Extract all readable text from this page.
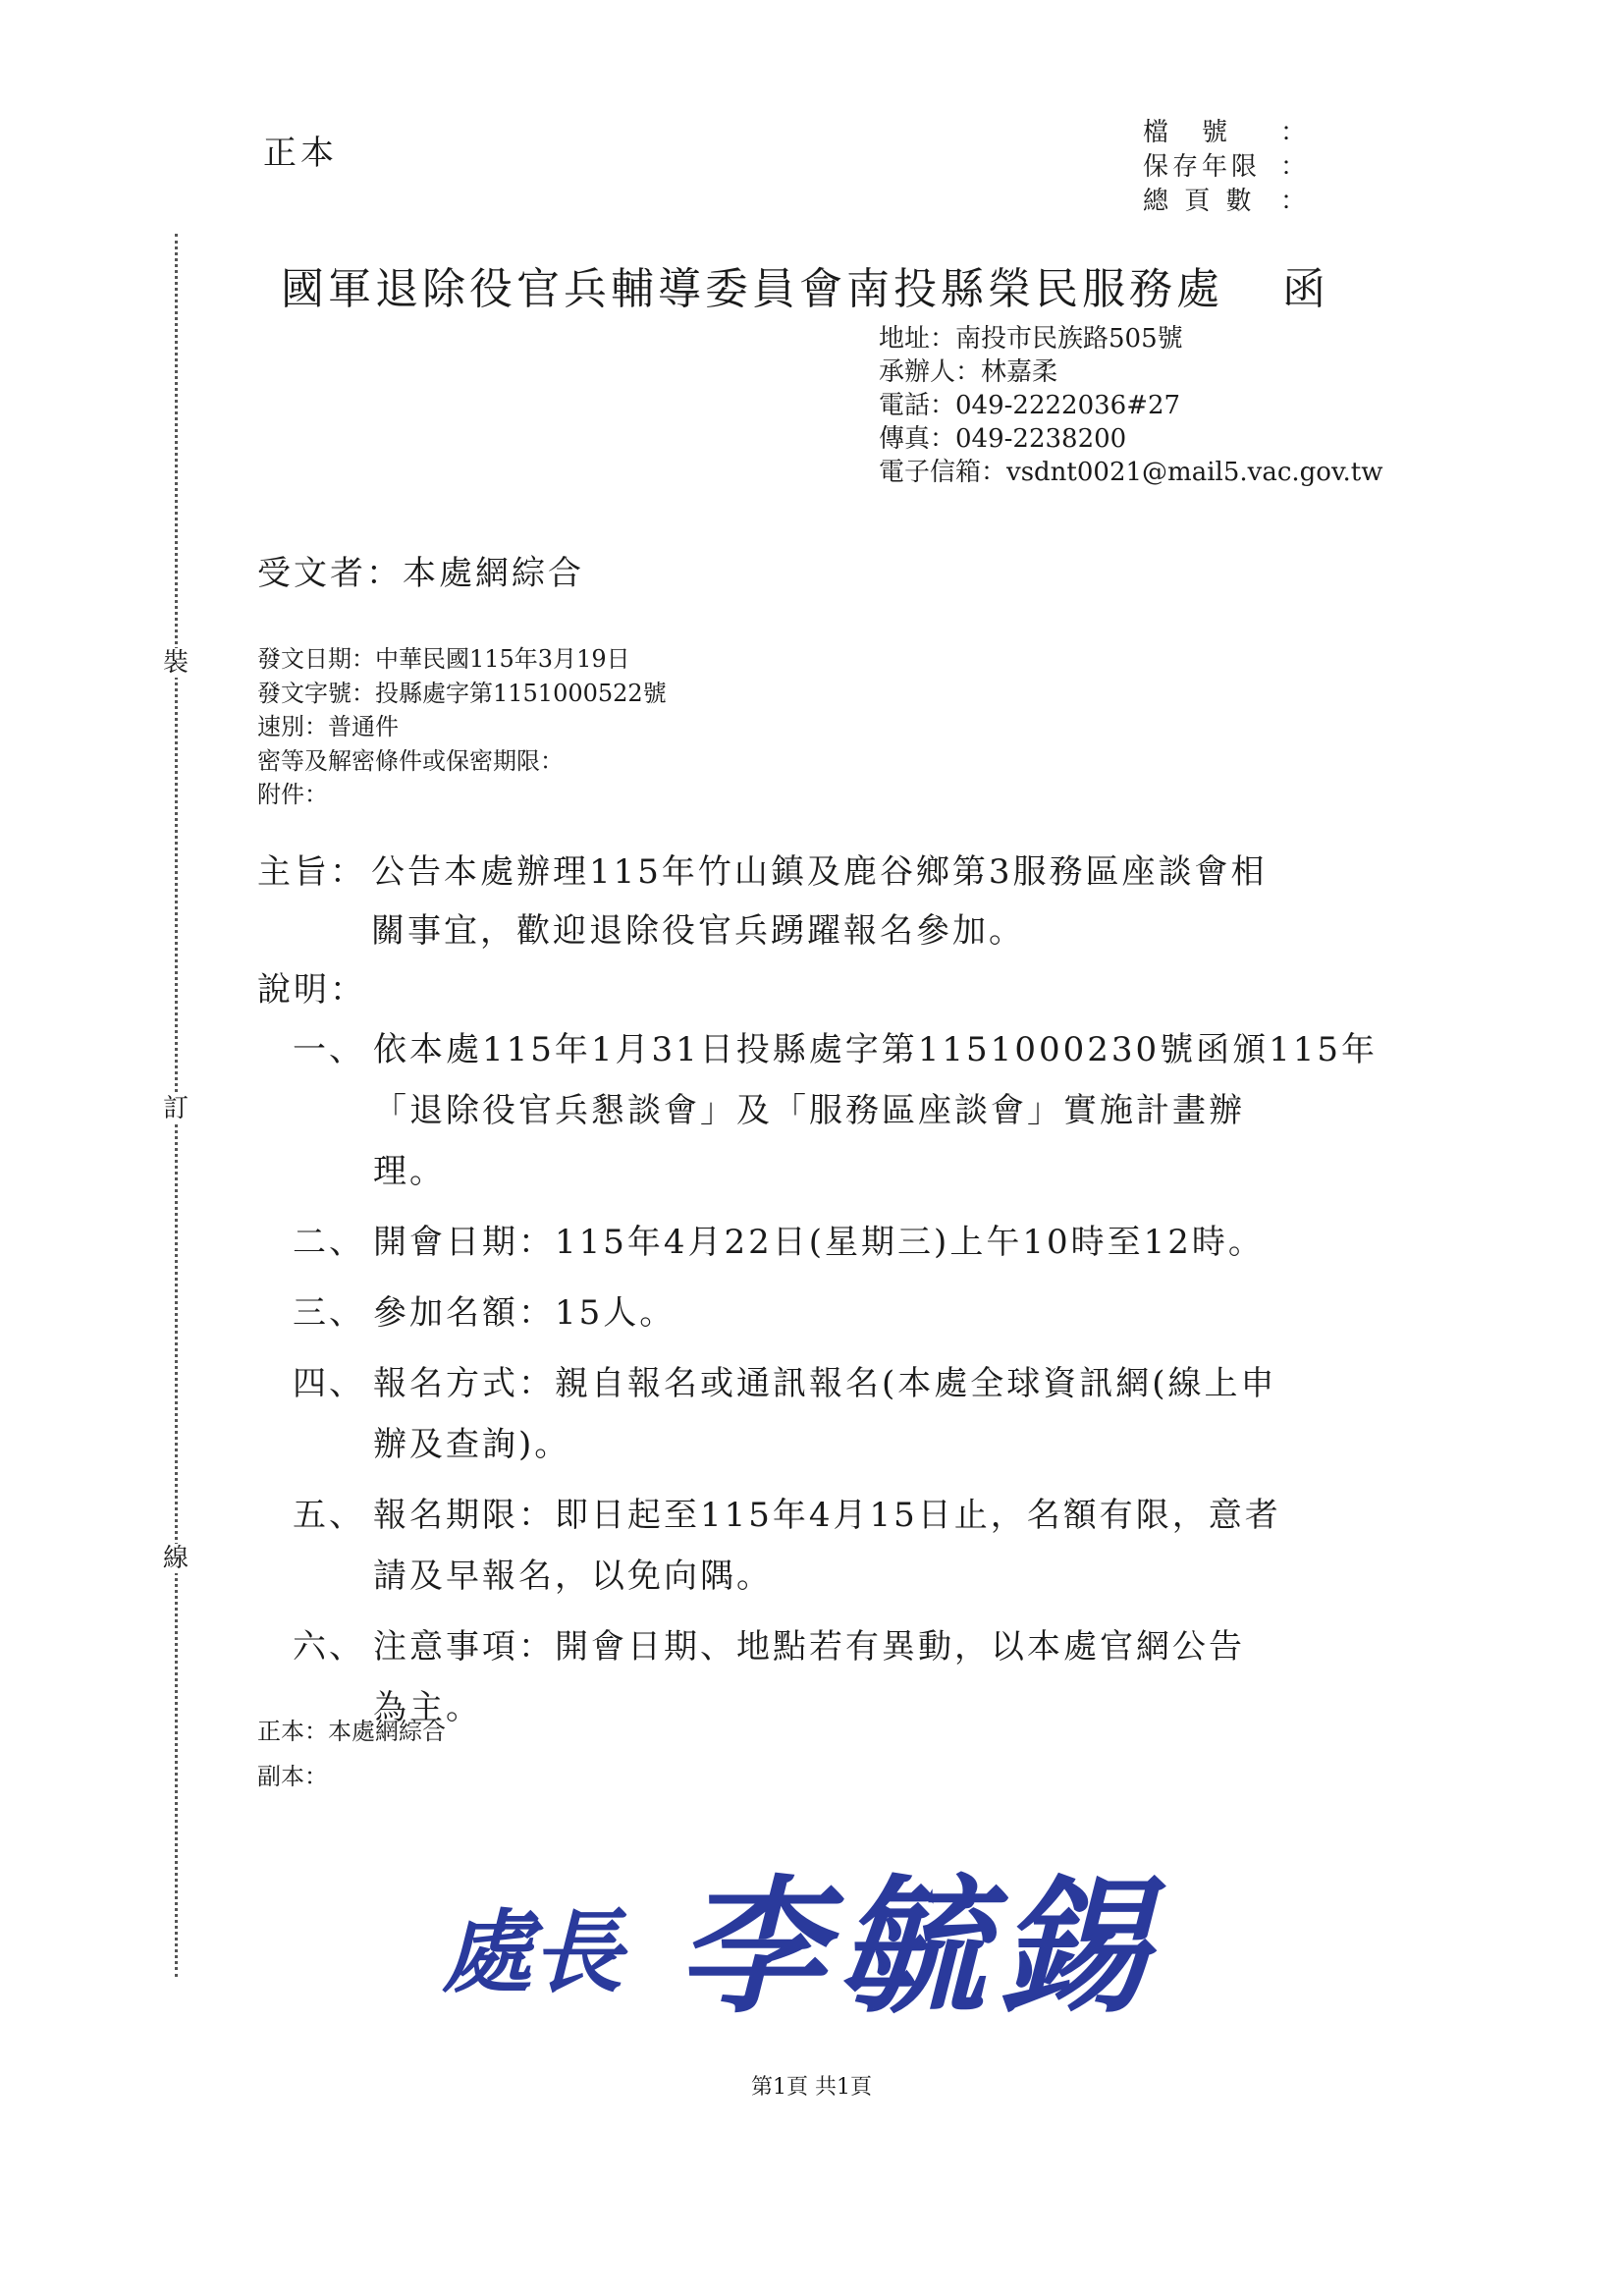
裝
訂
線
正本
檔　號 ：
保存年限 ：
總 頁 數 ：
國軍退除役官兵輔導委員會南投縣榮民服務處 函
地址：南投市民族路505號
承辦人：林嘉柔
電話：049-2222036#27
傳真：049-2238200
電子信箱：vsdnt0021@mail5.vac.gov.tw
受文者：本處網綜合
發文日期：中華民國115年3月19日
發文字號：投縣處字第1151000522號
速別：普通件
密等及解密條件或保密期限：
附件：
主旨： 公告本處辦理115年竹山鎮及鹿谷鄉第3服務區座談會相
關事宜，歡迎退除役官兵踴躍報名參加。
說明：
一、 依本處115年1月31日投縣處字第1151000230號函頒115年
「退除役官兵懇談會」及「服務區座談會」實施計畫辦
理。
二、 開會日期：115年4月22日(星期三)上午10時至12時。
三、 參加名額：15人。
四、 報名方式：親自報名或通訊報名(本處全球資訊網(線上申
辦及查詢)。
五、 報名期限：即日起至115年4月15日止，名額有限，意者
請及早報名，以免向隅。
六、 注意事項：開會日期、地點若有異動，以本處官網公告
為主。
正本：本處網綜合
副本：
處長 李毓錫
第1頁 共1頁
